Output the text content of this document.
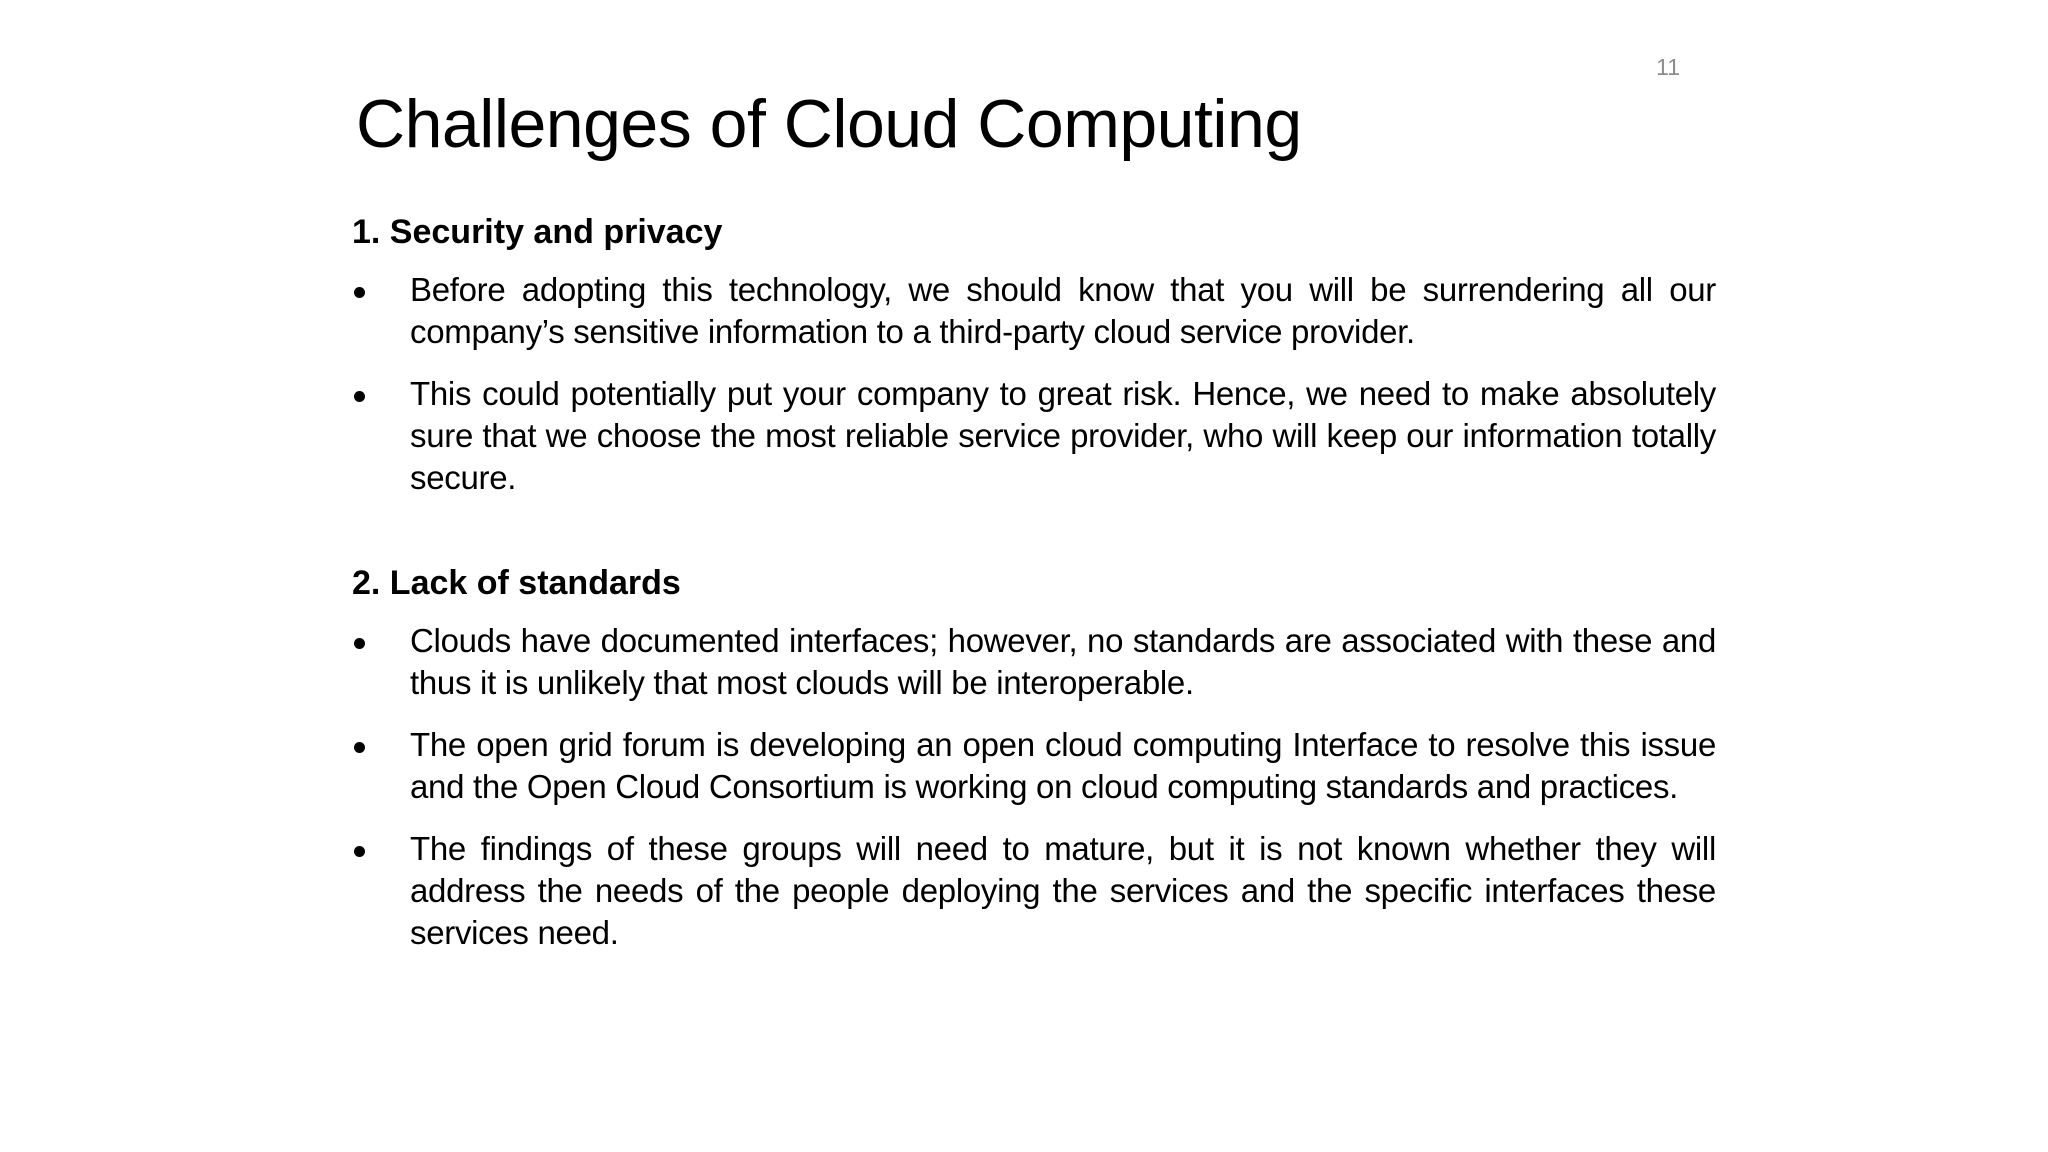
11
Challenges of Cloud Computing
1. Security and privacy
Before adopting this technology, we should know that you will be surrendering all our company’s sensitive information to a third-party cloud service provider.
This could potentially put your company to great risk. Hence, we need to make absolutely sure that we choose the most reliable service provider, who will keep our information totally secure.
2. Lack of standards
Clouds have documented interfaces; however, no standards are associated with these and thus it is unlikely that most clouds will be interoperable.
The open grid forum is developing an open cloud computing Interface to resolve this issue and the Open Cloud Consortium is working on cloud computing standards and practices.
The findings of these groups will need to mature, but it is not known whether they will address the needs of the people deploying the services and the specific interfaces these services need.
